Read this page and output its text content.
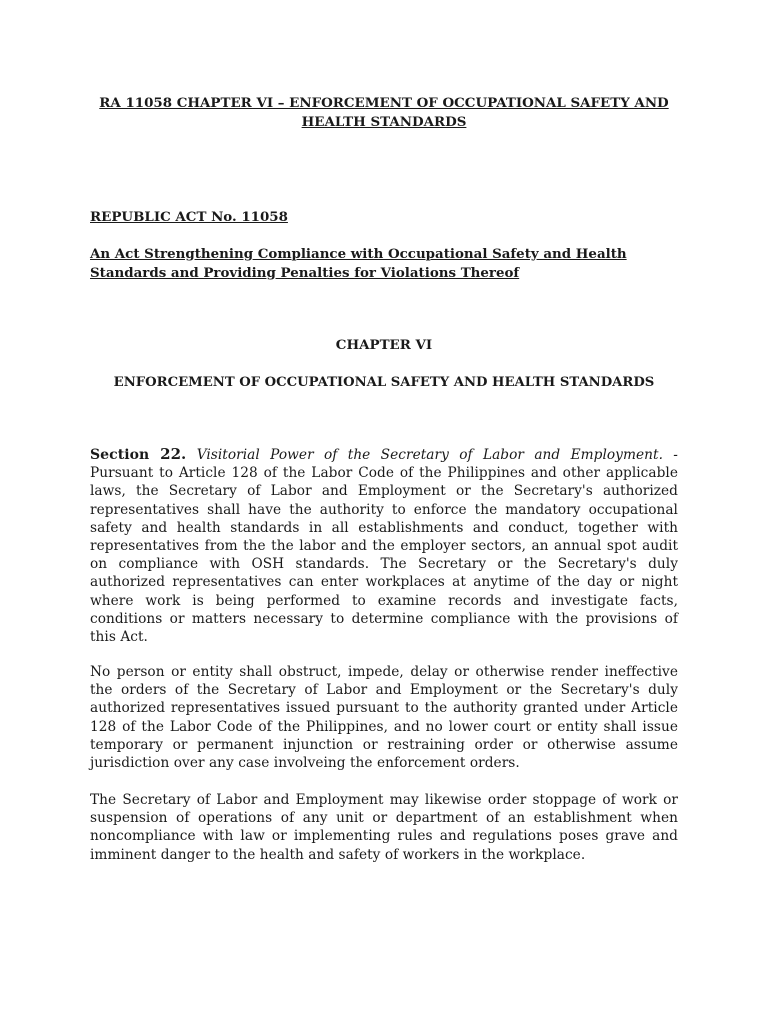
RA 11058 CHAPTER VI – ENFORCEMENT OF OCCUPATIONAL SAFETY AND HEALTH STANDARDS
REPUBLIC ACT No. 11058
An Act Strengthening Compliance with Occupational Safety and Health Standards and Providing Penalties for Violations Thereof
CHAPTER VI
ENFORCEMENT OF OCCUPATIONAL SAFETY AND HEALTH STANDARDS
Section 22. Visitorial Power of the Secretary of Labor and Employment. - Pursuant to Article 128 of the Labor Code of the Philippines and other applicable laws, the Secretary of Labor and Employment or the Secretary's authorized representatives shall have the authority to enforce the mandatory occupational safety and health standards in all establishments and conduct, together with representatives from the the labor and the employer sectors, an annual spot audit on compliance with OSH standards. The Secretary or the Secretary's duly authorized representatives can enter workplaces at anytime of the day or night where work is being performed to examine records and investigate facts, conditions or matters necessary to determine compliance with the provisions of this Act.
No person or entity shall obstruct, impede, delay or otherwise render ineffective the orders of the Secretary of Labor and Employment or the Secretary's duly authorized representatives issued pursuant to the authority granted under Article 128 of the Labor Code of the Philippines, and no lower court or entity shall issue temporary or permanent injunction or restraining order or otherwise assume jurisdiction over any case involveing the enforcement orders.
The Secretary of Labor and Employment may likewise order stoppage of work or suspension of operations of any unit or department of an establishment when noncompliance with law or implementing rules and regulations poses grave and imminent danger to the health and safety of workers in the workplace.
